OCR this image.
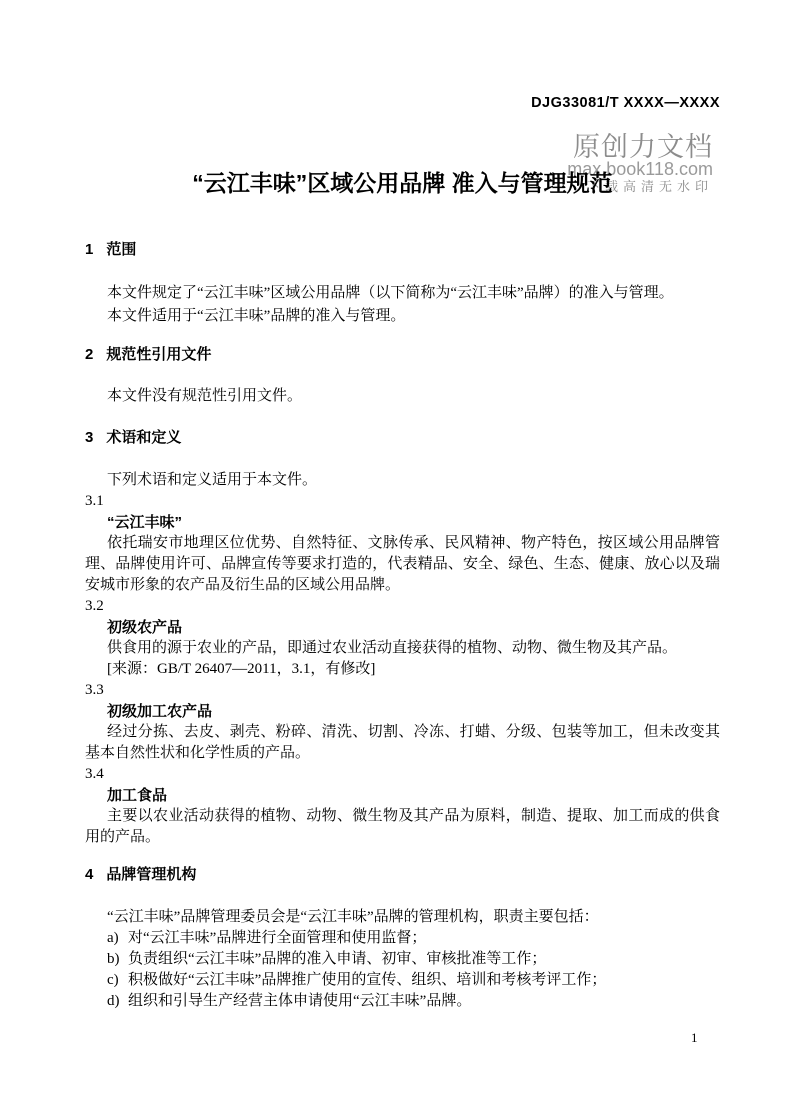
原创力文档
max.book118.com
下载高清无水印
DJG33081/T XXXX—XXXX
“云江丰味”区域公用品牌 准入与管理规范
1 范围

本文件规定了“云江丰味”区域公用品牌（以下简称为“云江丰味”品牌）的准入与管理。

本文件适用于“云江丰味”品牌的准入与管理。

2 规范性引用文件

本文件没有规范性引用文件。

3 术语和定义

下列术语和定义适用于本文件。

3.1
“云江丰味”

依托瑞安市地理区位优势、自然特征、文脉传承、民风精神、物产特色，按区域公用品牌管理、品牌使用许可、品牌宣传等要求打造的，代表精品、安全、绿色、生态、健康、放心以及瑞安城市形象的农产品及衍生品的区域公用品牌。

3.2
初级农产品

供食用的源于农业的产品，即通过农业活动直接获得的植物、动物、微生物及其产品。

[来源：GB/T 26407—2011，3.1，有修改]

3.3
初级加工农产品

经过分拣、去皮、剥壳、粉碎、清洗、切割、冷冻、打蜡、分级、包装等加工，但未改变其基本自然性状和化学性质的产品。

3.4
加工食品

主要以农业活动获得的植物、动物、微生物及其产品为原料，制造、提取、加工而成的供食用的产品。

4 品牌管理机构

“云江丰味”品牌管理委员会是“云江丰味”品牌的管理机构，职责主要包括：

a) 对“云江丰味”品牌进行全面管理和使用监督；
b) 负责组织“云江丰味”品牌的准入申请、初审、审核批准等工作；
c) 积极做好“云江丰味”品牌推广使用的宣传、组织、培训和考核考评工作；
d) 组织和引导生产经营主体申请使用“云江丰味”品牌。
1
